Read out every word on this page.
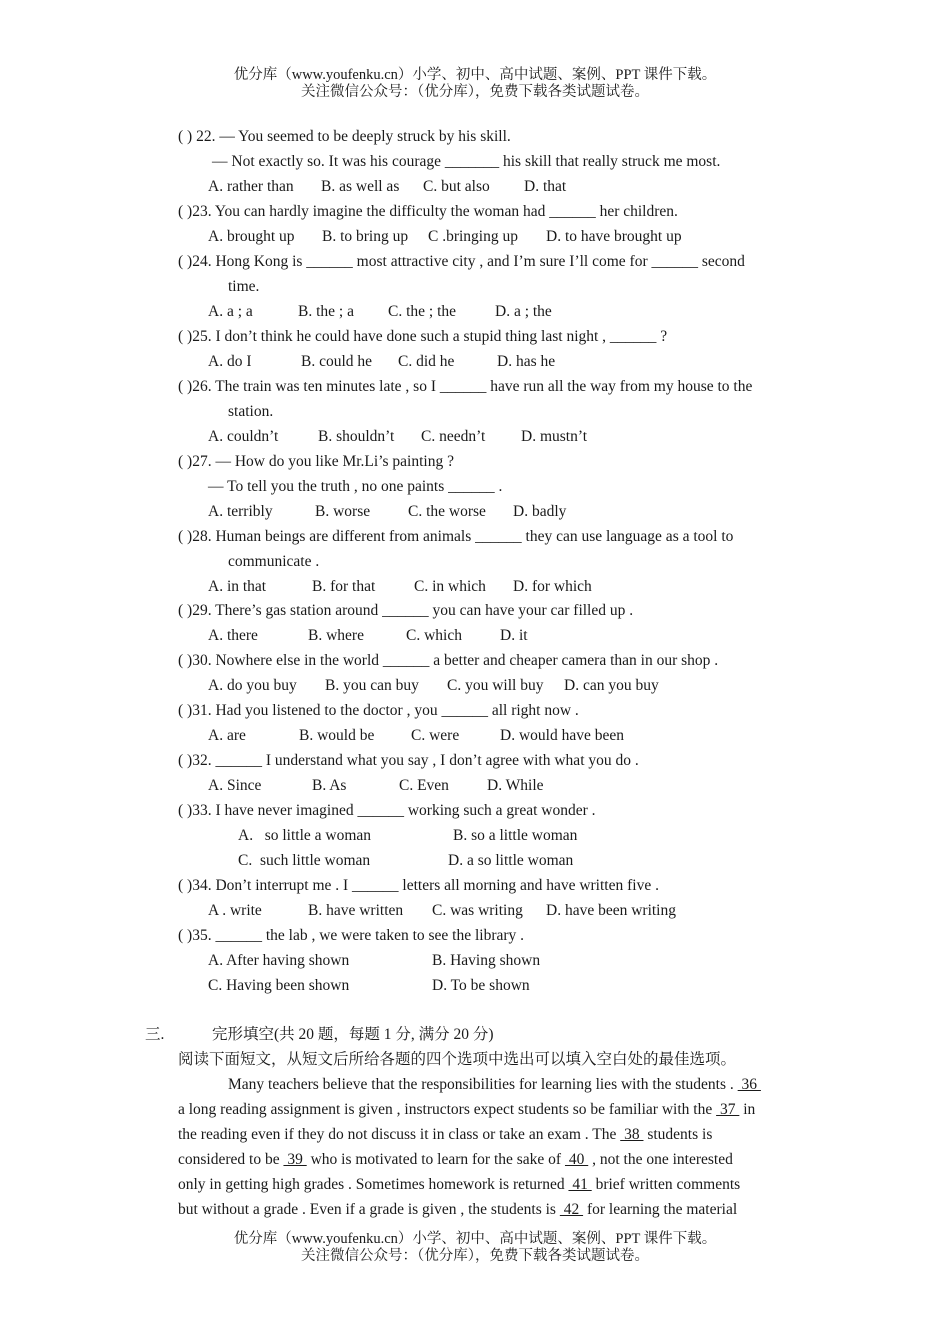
优分库（www.youfenku.cn）小学、初中、高中试题、案例、PPT 课件下载。
关注微信公众号：（优分库），免费下载各类试题试卷。
( ) 22. — You seemed to be deeply struck by his skill.
— Not exactly so. It was his courage _______ his skill that really struck me most.
A. rather than B. as well as C. but also D. that
( )23. You can hardly imagine the difficulty the woman had ______ her children.
A. brought up B. to bring up C .bringing up D. to have brought up
( )24. Hong Kong is ______ most attractive city , and I’m sure I’ll come for ______ second
time.
A. a ; a	B. the ; a C. the ; the	D. a ; the
( )25. I don’t think he could have done such a stupid thing last night , ______ ?
A. do I	B. could he C. did he	D. has he
( )26. The train was ten minutes late , so I ______ have run all the way from my house to the
station.
A. couldn’t	B. shouldn’t C. needn’t D. mustn’t
( )27. — How do you like Mr.Li’s painting ?
— To tell you the truth , no one paints ______ .
A. terribly	B. worse C. the worse D. badly
( )28. Human beings are different from animals ______ they can use language as a tool to
communicate .
A. in that	B. for that C. in which D. for which
( )29. There’s gas station around ______ you can have your car filled up .
A. there	B. where	C. which D. it
( )30. Nowhere else in the world ______ a better and cheaper camera than in our shop .
A. do you buy B. you can buy C. you will buy D. can you buy
( )31. Had you listened to the doctor , you ______ all right now .
A. are	B. would be C. were	D. would have been
( )32. ______ I understand what you say , I don’t agree with what you do .
A. Since	B. As	C. Even D. While
( )33. I have never imagined ______ working such a great wonder .
A.   so little a woman	B. so a little woman
C.  such little woman	D. a so little woman
( )34. Don’t interrupt me . I ______ letters all morning and have written five .
A . write	B. have written C. was writing D. have been writing
( )35. ______ the lab , we were taken to see the library .
A. After having shown	B. Having shown
C. Having been shown	D. To be shown
三.	完形填空(共 20 题，每题 1 分, 满分 20 分)
阅读下面短文，从短文后所给各题的四个选项中选出可以填入空白处的最佳选项。
Many teachers believe that the responsibilities for learning lies with the students .  36
a long reading assignment is given , instructors expect students so be familiar with the  37  in
the reading even if they do not discuss it in class or take an exam . The  38  students is
considered to be  39  who is motivated to learn for the sake of  40  , not the one interested
only in getting high grades . Sometimes homework is returned  41  brief written comments
but without a grade . Even if a grade is given , the students is  42  for learning the material
优分库（www.youfenku.cn）小学、初中、高中试题、案例、PPT 课件下载。
关注微信公众号：（优分库），免费下载各类试题试卷。
